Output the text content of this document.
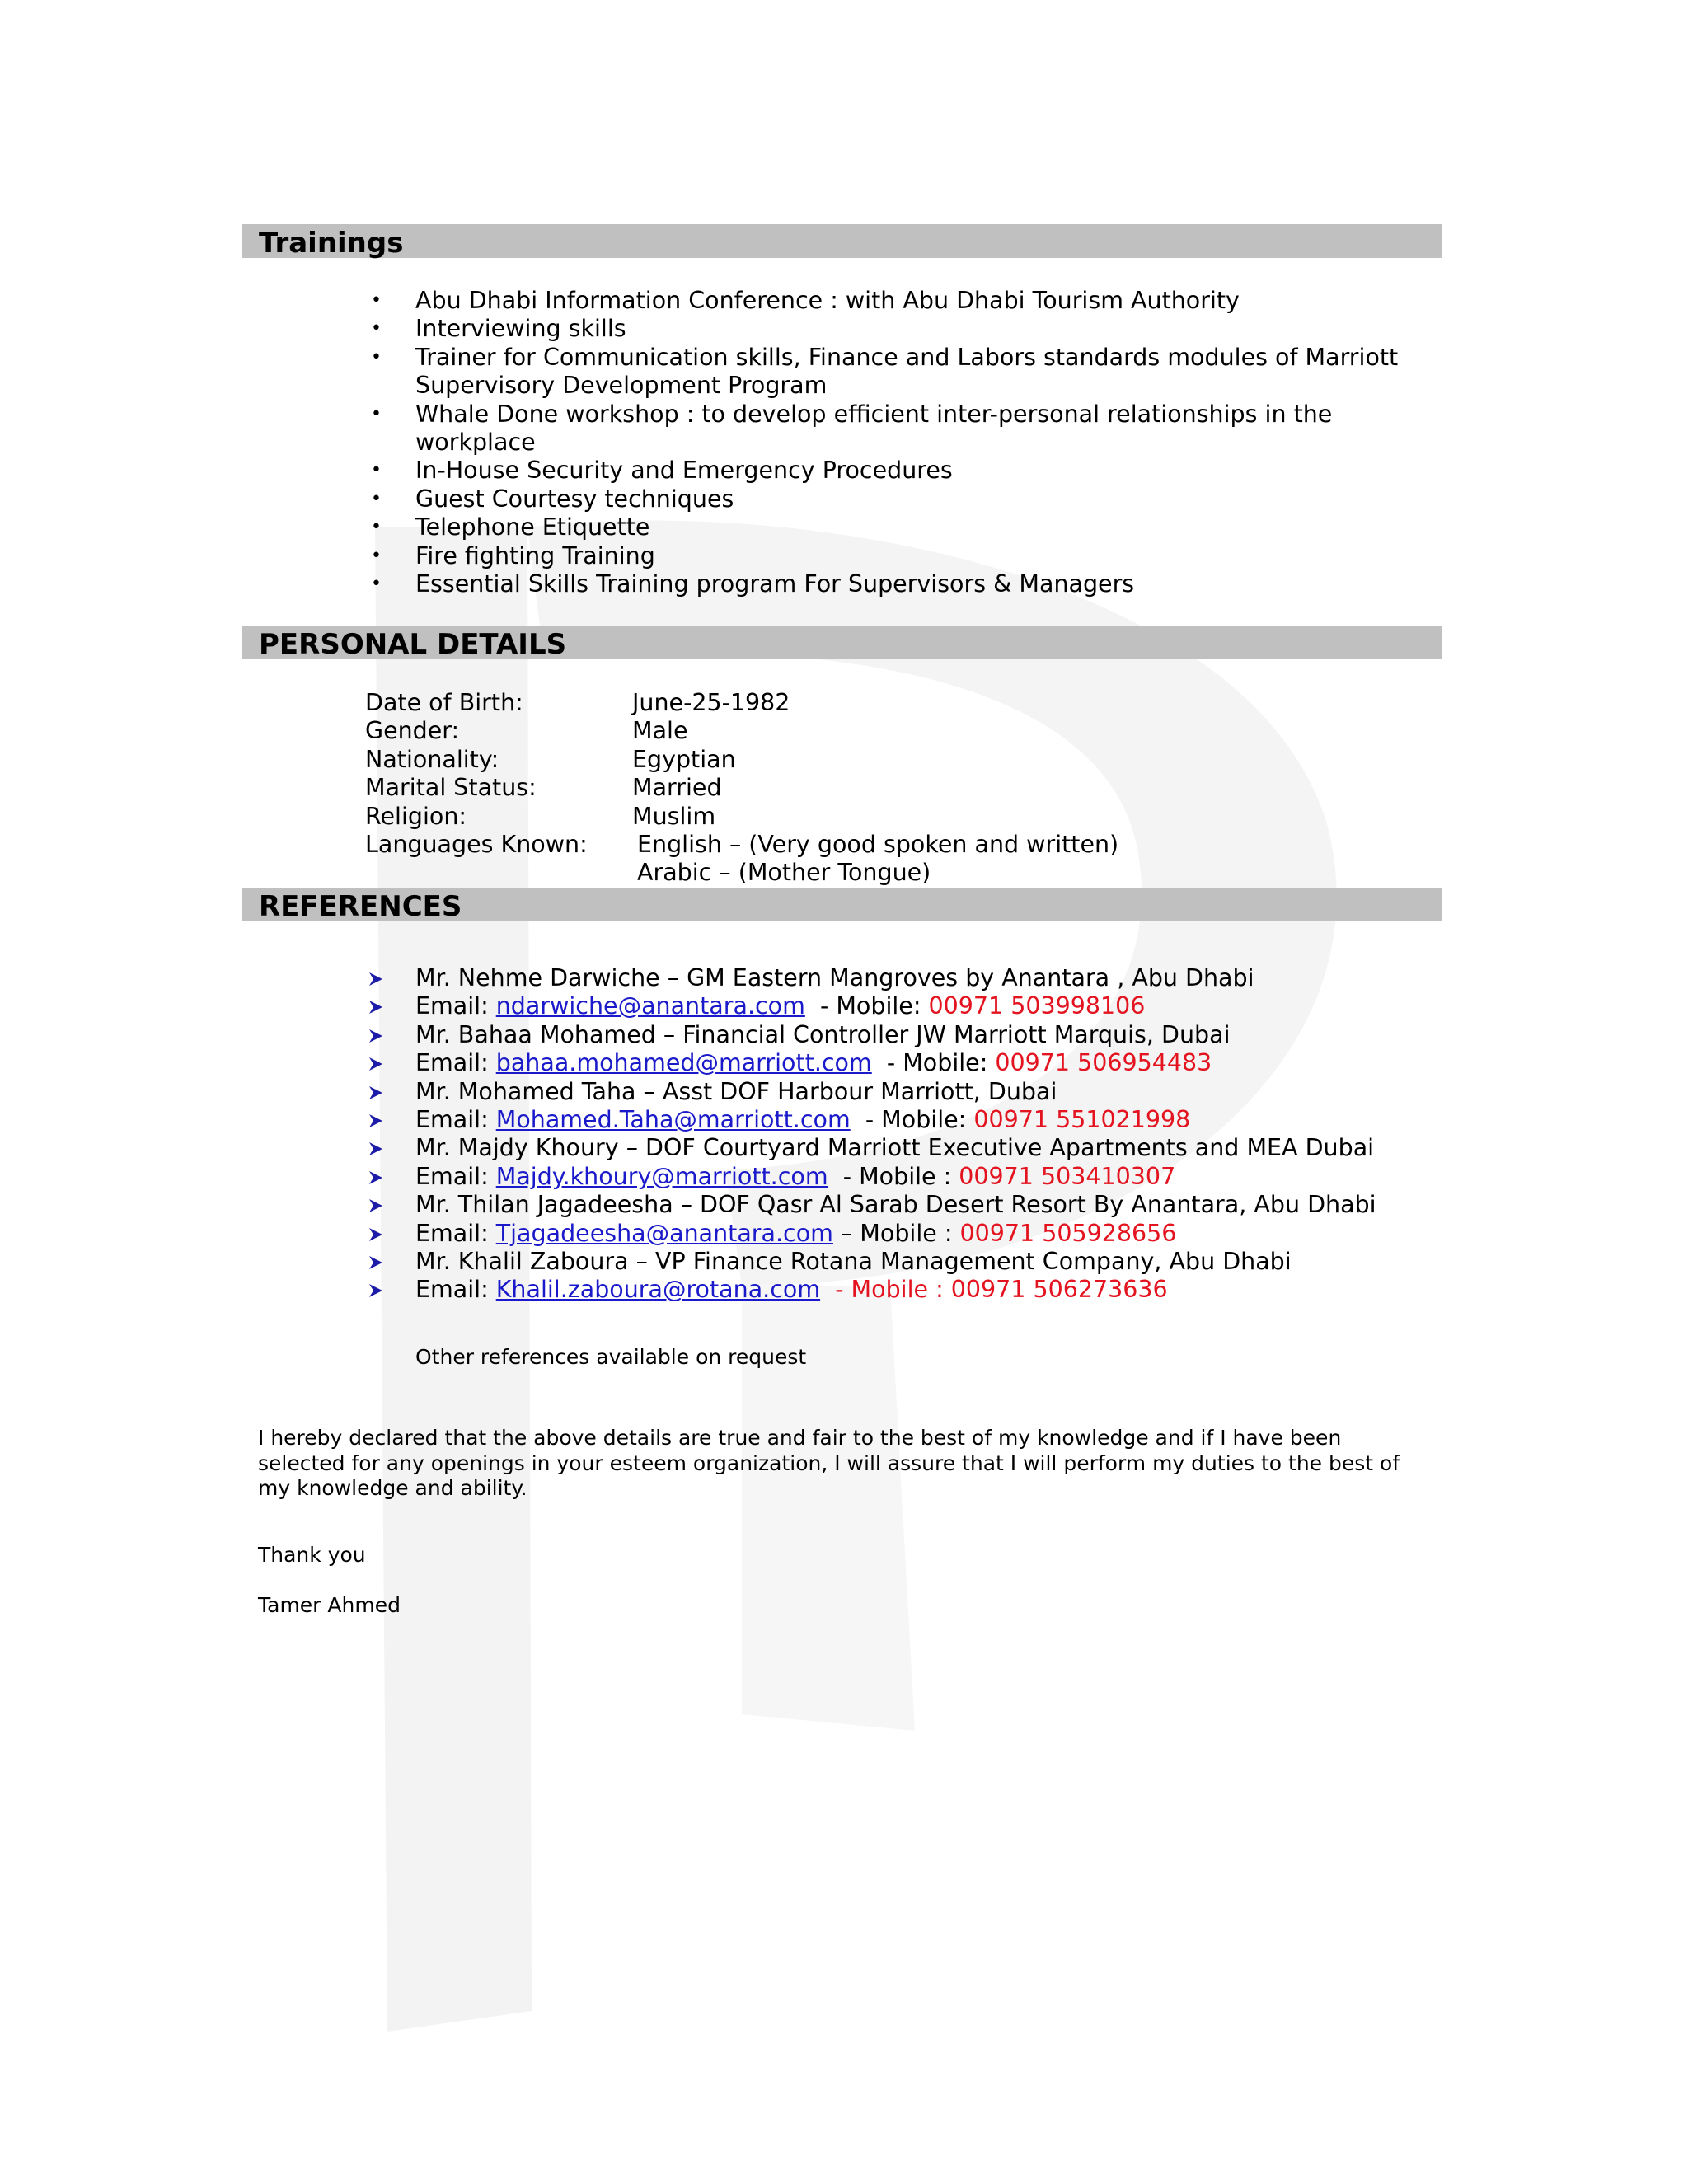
Trainings
• Abu Dhabi Information Conference : with Abu Dhabi Tourism Authority
• Interviewing skills
• Trainer for Communication skills, Finance and Labors standards modules of Marriott
Supervisory Development Program
• Whale Done workshop : to develop efficient inter-personal relationships in the
workplace
• In-House Security and Emergency Procedures
• Guest Courtesy techniques
• Telephone Etiquette
• Fire fighting Training
• Essential Skills Training program For Supervisors & Managers
PERSONAL DETAILS
Date of Birth:	June-25-1982
Gender:	Male
Nationality:	Egyptian
Marital Status:	Married
Religion:	Muslim
Languages Known: English – (Very good spoken and written)
Arabic – (Mother Tongue)
REFERENCES
Mr. Nehme Darwiche – GM Eastern Mangroves by Anantara , Abu Dhabi
Email: ndarwiche@anantara.com  - Mobile: 00971 503998106
Mr. Bahaa Mohamed – Financial Controller JW Marriott Marquis, Dubai
Email: bahaa.mohamed@marriott.com  - Mobile: 00971 506954483
Mr. Mohamed Taha – Asst DOF Harbour Marriott, Dubai
Email: Mohamed.Taha@marriott.com  - Mobile: 00971 551021998
Mr. Majdy Khoury – DOF Courtyard Marriott Executive Apartments and MEA Dubai
Email: Majdy.khoury@marriott.com  - Mobile : 00971 503410307
Mr. Thilan Jagadeesha – DOF Qasr Al Sarab Desert Resort By Anantara, Abu Dhabi
Email: Tjagadeesha@anantara.com – Mobile : 00971 505928656
Mr. Khalil Zaboura – VP Finance Rotana Management Company, Abu Dhabi
Email: Khalil.zaboura@rotana.com  - Mobile : 00971 506273636
Other references available on request
I hereby declared that the above details are true and fair to the best of my knowledge and if I have been
selected for any openings in your esteem organization, I will assure that I will perform my duties to the best of
my knowledge and ability.
Thank you
Tamer Ahmed
